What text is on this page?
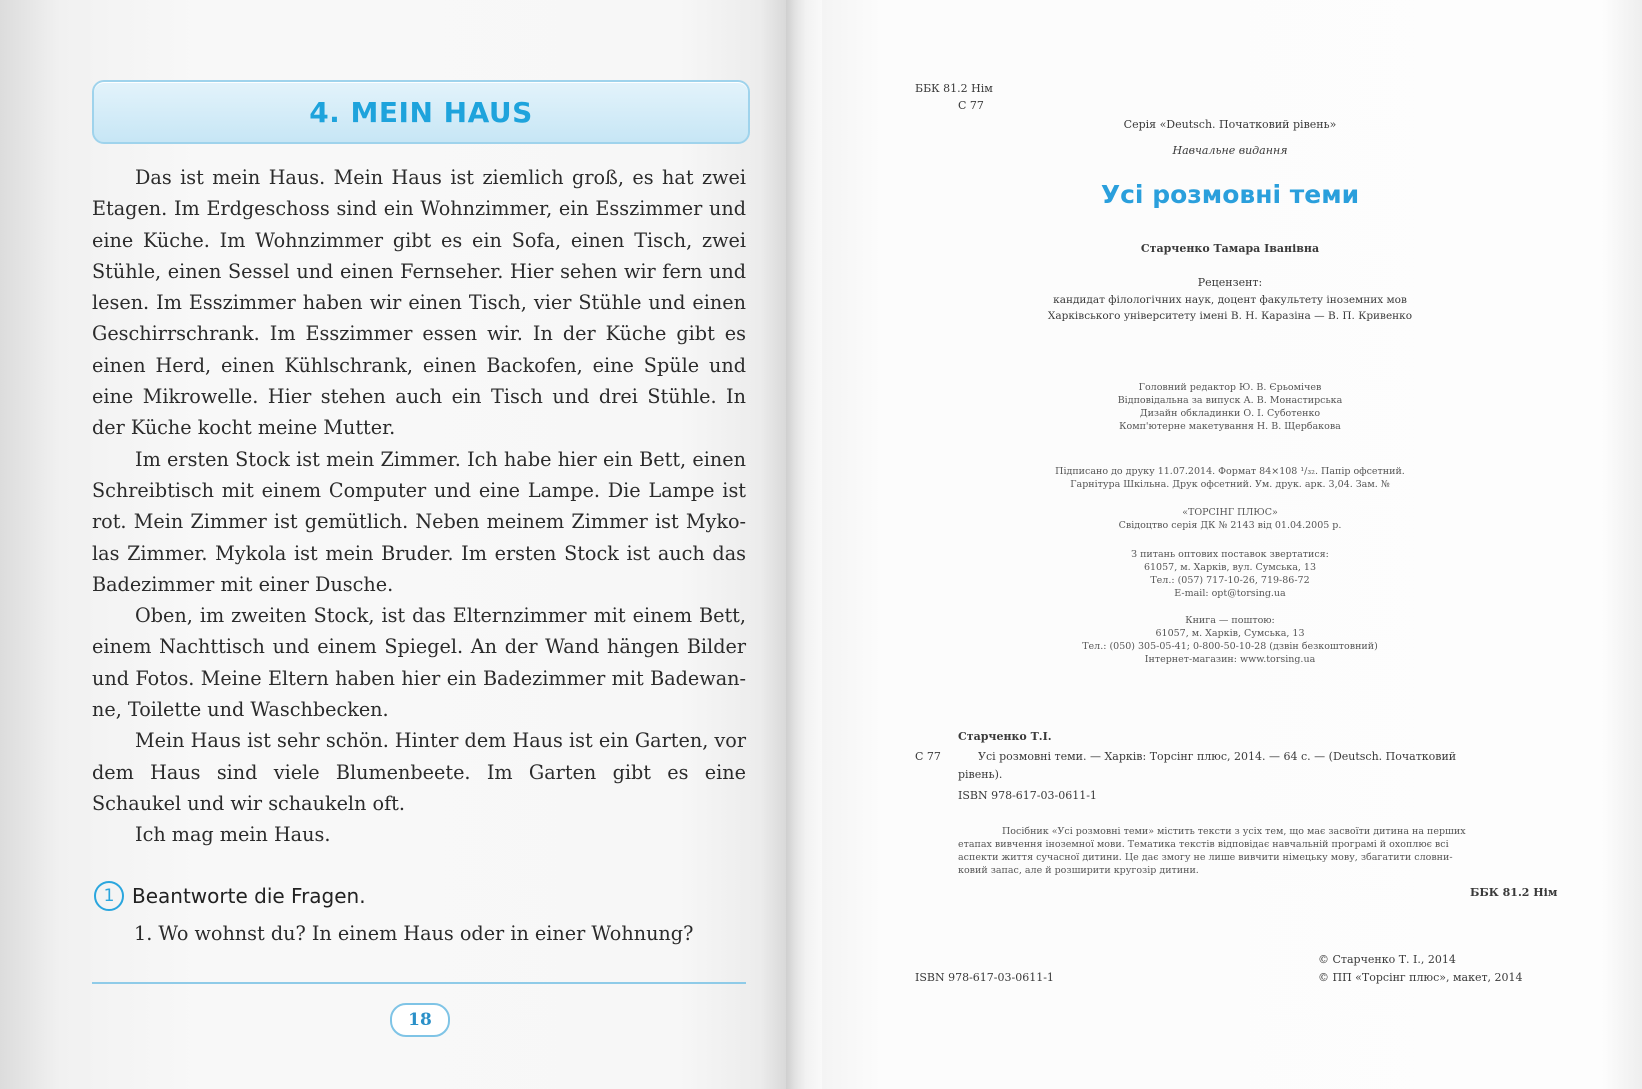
4. MEIN HAUS

Das ist mein Haus. Mein Haus ist ziemlich groß, es hat zwei Etagen. Im Erdgeschoss sind ein Wohnzimmer, ein Esszimmer und eine Küche. Im Wohnzimmer gibt es ein Sofa, einen Tisch, zwei Stühle, einen Sessel und einen Fernseher. Hier sehen wir fern und lesen. Im Esszimmer haben wir einen Tisch, vier Stühle und einen Geschirrschrank. Im Esszimmer essen wir. In der Küche gibt es einen Herd, einen Kühlschrank, einen Backofen, eine Spüle und eine Mikrowelle. Hier stehen auch ein Tisch und drei Stühle. In der Küche kocht meine Mutter.

Im ersten Stock ist mein Zimmer. Ich habe hier ein Bett, einen Schreibtisch mit einem Computer und eine Lampe. Die Lampe ist rot. Mein Zimmer ist gemütlich. Neben meinem Zimmer ist Mykolas Zimmer. Mykola ist mein Bruder. Im ersten Stock ist auch das Badezimmer mit einer Dusche.

Oben, im zweiten Stock, ist das Elternzimmer mit einem Bett, einem Nachttisch und einem Spiegel. An der Wand hängen Bilder und Fotos. Meine Eltern haben hier ein Badezimmer mit Badewanne, Toilette und Waschbecken.

Mein Haus ist sehr schön. Hinter dem Haus ist ein Garten, vor dem Haus sind viele Blumenbeete. Im Garten gibt es eine Schaukel und wir schaukeln oft.

Ich mag mein Haus.

1 Beantworte die Fragen.
1. Wo wohnst du? In einem Haus oder in einer Wohnung?
18
ББК 81.2 Нім
С 77
Серія «Deutsch. Початковий рівень»
Навчальне видання
Усі розмовні теми
Старченко Тамара Іванівна
Рецензент:
кандидат філологічних наук, доцент факультету іноземних мов
Харківського університету імені В. Н. Каразіна — В. П. Кривенко
Головний редактор Ю. В. Єрьомічев
Відповідальна за випуск А. В. Монастирська
Дизайн обкладинки О. І. Суботенко
Комп'ютерне макетування Н. В. Щербакова
Підписано до друку 11.07.2014. Формат 84×108 ¹/₃₂. Папір офсетний.
Гарнітура Шкільна. Друк офсетний. Ум. друк. арк. 3,04. Зам. №
«ТОРСІНГ ПЛЮС»
Свідоцтво серія ДК № 2143 від 01.04.2005 р.
З питань оптових поставок звертатися:
61057, м. Харків, вул. Сумська, 13
Тел.: (057) 717-10-26, 719-86-72
E-mail: opt@torsing.ua
Книга — поштою:
61057, м. Харків, Сумська, 13
Тел.: (050) 305-05-41; 0-800-50-10-28 (дзвін безкоштовний)
Інтернет-магазин: www.torsing.ua
Старченко Т.І.
С 77	Усі розмовні теми. — Харків: Торсінг плюс, 2014. — 64 с. — (Deutsch. Початковий
рівень).
ISBN 978-617-03-0611-1
Посібник «Усі розмовні теми» містить тексти з усіх тем, що має засвоїти дитина на перших
етапах вивчення іноземної мови. Тематика текстів відповідає навчальній програмі й охоплює всі
аспекти життя сучасної дитини. Це дає змогу не лише вивчити німецьку мову, збагатити словни-
ковий запас, але й розширити кругозір дитини.
ББК 81.2 Нім
ISBN 978-617-03-0611-1
© Старченко Т. І., 2014
© ПП «Торсінг плюс», макет, 2014
